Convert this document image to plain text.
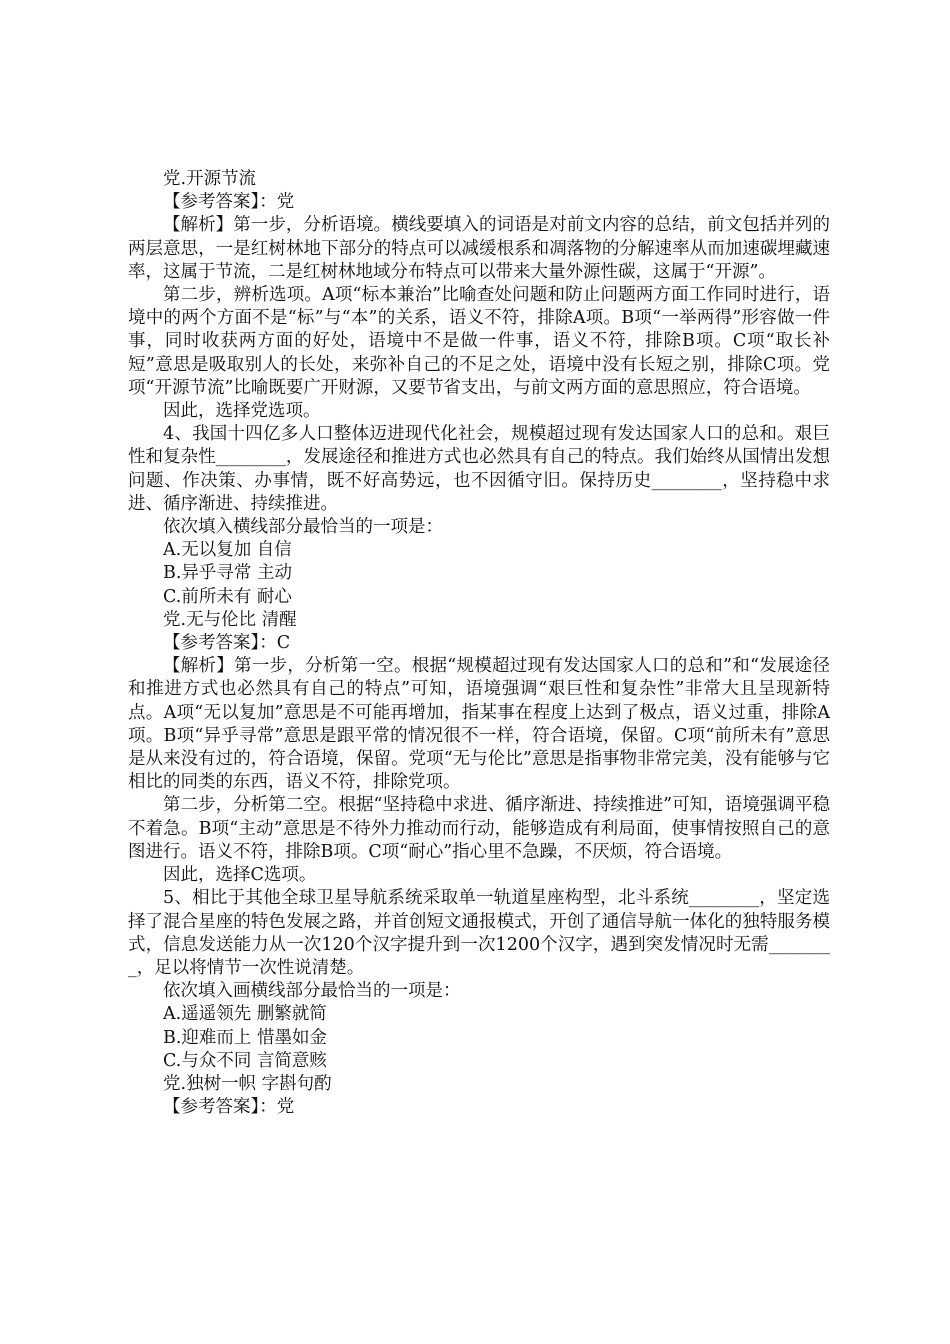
党.开源节流

【参考答案】：党

【解析】第一步，分析语境。横线要填入的词语是对前文内容的总结，前文包括并列的两层意思，一是红树林地下部分的特点可以减缓根系和凋落物的分解速率从而加速碳埋藏速率，这属于节流，二是红树林地域分布特点可以带来大量外源性碳，这属于“开源”。

第二步，辨析选项。A项“标本兼治”比喻查处问题和防止问题两方面工作同时进行，语境中的两个方面不是“标”与“本”的关系，语义不符，排除A项。B项“一举两得”形容做一件事，同时收获两方面的好处，语境中不是做一件事，语义不符，排除B项。C项“取长补短”意思是吸取别人的长处，来弥补自己的不足之处，语境中没有长短之别，排除C项。党项“开源节流”比喻既要广开财源，又要节省支出，与前文两方面的意思照应，符合语境。

因此，选择党选项。

4、我国十四亿多人口整体迈进现代化社会，规模超过现有发达国家人口的总和。艰巨性和复杂性________，发展途径和推进方式也必然具有自己的特点。我们始终从国情出发想问题、作决策、办事情，既不好高势远，也不因循守旧。保持历史________，坚持稳中求进、循序渐进、持续推进。

依次填入横线部分最恰当的一项是：

A.无以复加 自信

B.异乎寻常 主动

C.前所未有 耐心

党.无与伦比 清醒

【参考答案】：C

【解析】第一步，分析第一空。根据“规模超过现有发达国家人口的总和”和“发展途径和推进方式也必然具有自己的特点”可知，语境强调“艰巨性和复杂性”非常大且呈现新特点。A项“无以复加”意思是不可能再增加，指某事在程度上达到了极点，语义过重，排除A项。B项“异乎寻常”意思是跟平常的情况很不一样，符合语境，保留。C项“前所未有”意思是从来没有过的，符合语境，保留。党项“无与伦比”意思是指事物非常完美，没有能够与它相比的同类的东西，语义不符，排除党项。

第二步，分析第二空。根据“坚持稳中求进、循序渐进、持续推进”可知，语境强调平稳不着急。B项“主动”意思是不待外力推动而行动，能够造成有利局面，使事情按照自己的意图进行。语义不符，排除B项。C项“耐心”指心里不急躁，不厌烦，符合语境。

因此，选择C选项。

5、相比于其他全球卫星导航系统采取单一轨道星座构型，北斗系统________，坚定选择了混合星座的特色发展之路，并首创短文通报模式，开创了通信导航一体化的独特服务模式，信息发送能力从一次120个汉字提升到一次1200个汉字，遇到突发情况时无需________，足以将情节一次性说清楚。

依次填入画横线部分最恰当的一项是：

A.遥遥领先 删繁就简

B.迎难而上 惜墨如金

C.与众不同 言简意赅

党.独树一帜 字斟句酌

【参考答案】：党
